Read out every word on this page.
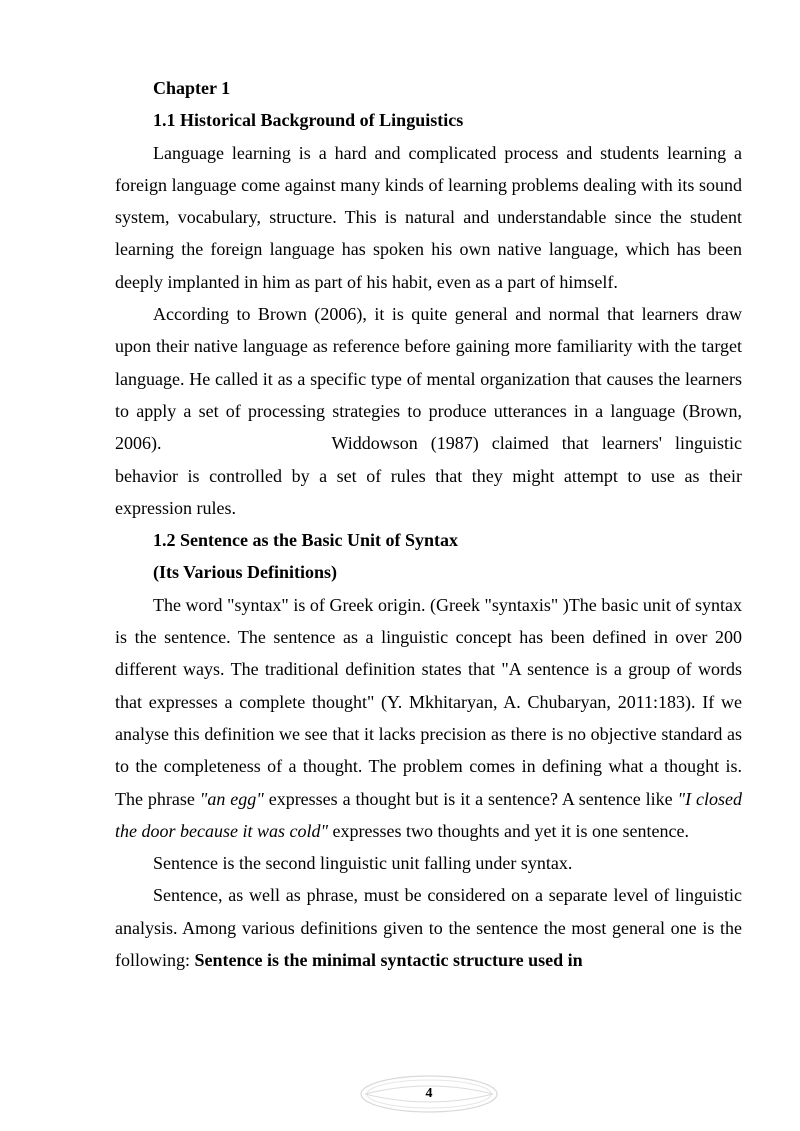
Chapter 1

1.1 Historical Background of Linguistics

Language learning is a hard and complicated process and students learning a foreign language come against many kinds of learning problems dealing with its sound system, vocabulary, structure. This is natural and understandable since the student learning the foreign language has spoken his own native language, which has been deeply implanted in him as part of his habit, even as a part of himself.

According to Brown (2006), it is quite general and normal that learners draw upon their native language as reference before gaining more familiarity with the target language. He called it as a specific type of mental organization that causes the learners to apply a set of processing strategies to produce utterances in a language (Brown, 2006).	Widdowson (1987) claimed that learners' linguistic behavior is controlled by a set of rules that they might attempt to use as their expression rules.

1.2 Sentence as the Basic Unit of Syntax

(Its Various Definitions)

The word "syntax" is of Greek origin. (Greek "syntaxis" )The basic unit of syntax is the sentence. The sentence as a linguistic concept has been defined in over 200 different ways. The traditional definition states that "A sentence is a group of words that expresses a complete thought" (Y. Mkhitaryan, A. Chubaryan, 2011:183). If we analyse this definition we see that it lacks precision as there is no objective standard as to the completeness of a thought. The problem comes in defining what a thought is. The phrase "an egg" expresses a thought but is it a sentence? A sentence like "I closed the door because it was cold" expresses two thoughts and yet it is one sentence.

Sentence is the second linguistic unit falling under syntax.

Sentence, as well as phrase, must be considered on a separate level of linguistic analysis. Among various definitions given to the sentence the most general one is the following: Sentence is the minimal syntactic structure used in

4
